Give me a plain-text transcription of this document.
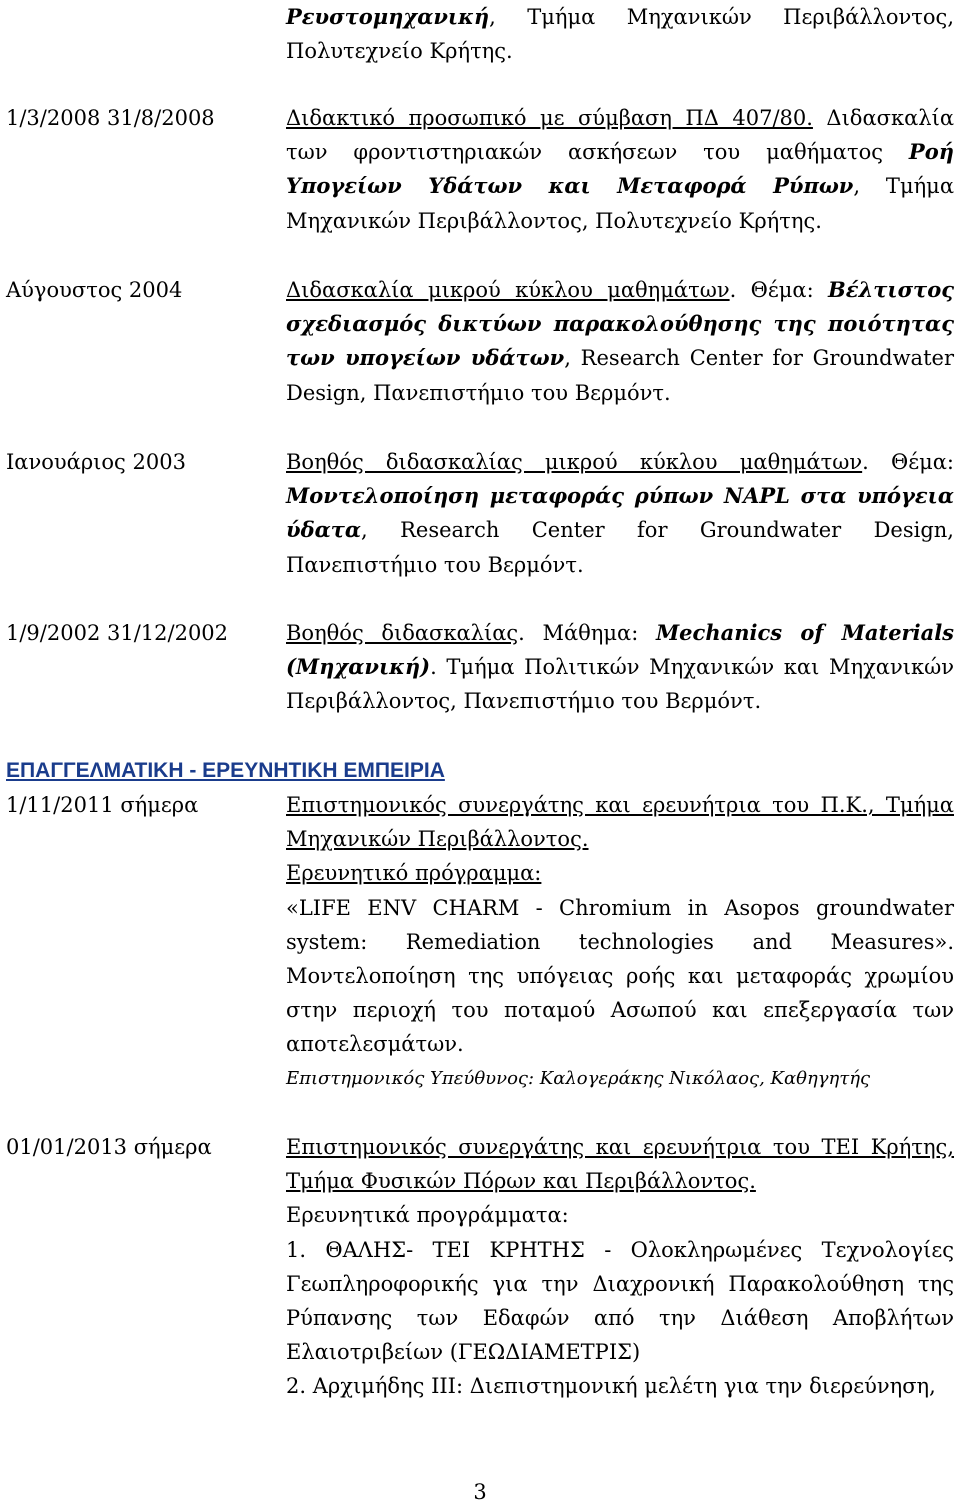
Ρευστομηχανική, Τμήμα Μηχανικών Περιβάλλοντος, Πολυτεχνείο Κρήτης.
1/3/2008 31/8/2008	Διδακτικό προσωπικό με σύμβαση ΠΔ 407/80. Διδασκαλία των φροντιστηριακών ασκήσεων του μαθήματος Ροή Υπογείων Υδάτων και Μεταφορά Ρύπων, Τμήμα Μηχανικών Περιβάλλοντος, Πολυτεχνείο Κρήτης.
Αύγουστος 2004	Διδασκαλία μικρού κύκλου μαθημάτων. Θέμα: Βέλτιστος σχεδιασμός δικτύων παρακολούθησης της ποιότητας των υπογείων υδάτων, Research Center for Groundwater Design, Πανεπιστήμιο του Βερμόντ.
Ιανουάριος 2003	Βοηθός διδασκαλίας μικρού κύκλου μαθημάτων. Θέμα: Μοντελοποίηση μεταφοράς ρύπων NAPL στα υπόγεια ύδατα, Research Center for Groundwater Design, Πανεπιστήμιο του Βερμόντ.
1/9/2002 31/12/2002	Βοηθός διδασκαλίας. Μάθημα: Mechanics of Materials (Μηχανική). Τμήμα Πολιτικών Μηχανικών και Μηχανικών Περιβάλλοντος, Πανεπιστήμιο του Βερμόντ.
ΕΠΑΓΓΕΛΜΑΤΙΚΗ - ΕΡΕΥΝΗΤΙΚΗ ΕΜΠΕΙΡΙΑ
1/11/2011 σήμερα	Επιστημονικός συνεργάτης και ερευνήτρια του Π.Κ., Τμήμα Μηχανικών Περιβάλλοντος.

Ερευνητικό πρόγραμμα:

«LIFE ENV CHARM - Chromium in Asopos groundwater system: Remediation technologies and Measures». Μοντελοποίηση της υπόγειας ροής και μεταφοράς χρωμίου στην περιοχή του ποταμού Ασωπού και επεξεργασία των αποτελεσμάτων.

Επιστημονικός Υπεύθυνος: Καλογεράκης Νικόλαος, Καθηγητής

01/01/2013 σήμερα	Επιστημονικός συνεργάτης και ερευνήτρια του ΤΕΙ Κρήτης, Τμήμα Φυσικών Πόρων και Περιβάλλοντος.

Ερευνητικά προγράμματα:

1. ΘΑΛΗΣ- ΤΕΙ ΚΡΗΤΗΣ - Ολοκληρωμένες Τεχνολογίες Γεωπληροφορικής για την Διαχρονική Παρακολούθηση της Ρύπανσης των Εδαφών από την Διάθεση Αποβλήτων Ελαιοτριβείων (ΓΕΩΔΙΑΜΕΤΡΙΣ)

2. Αρχιμήδης ΙΙΙ: Διεπιστημονική μελέτη για την διερεύνηση,

3
